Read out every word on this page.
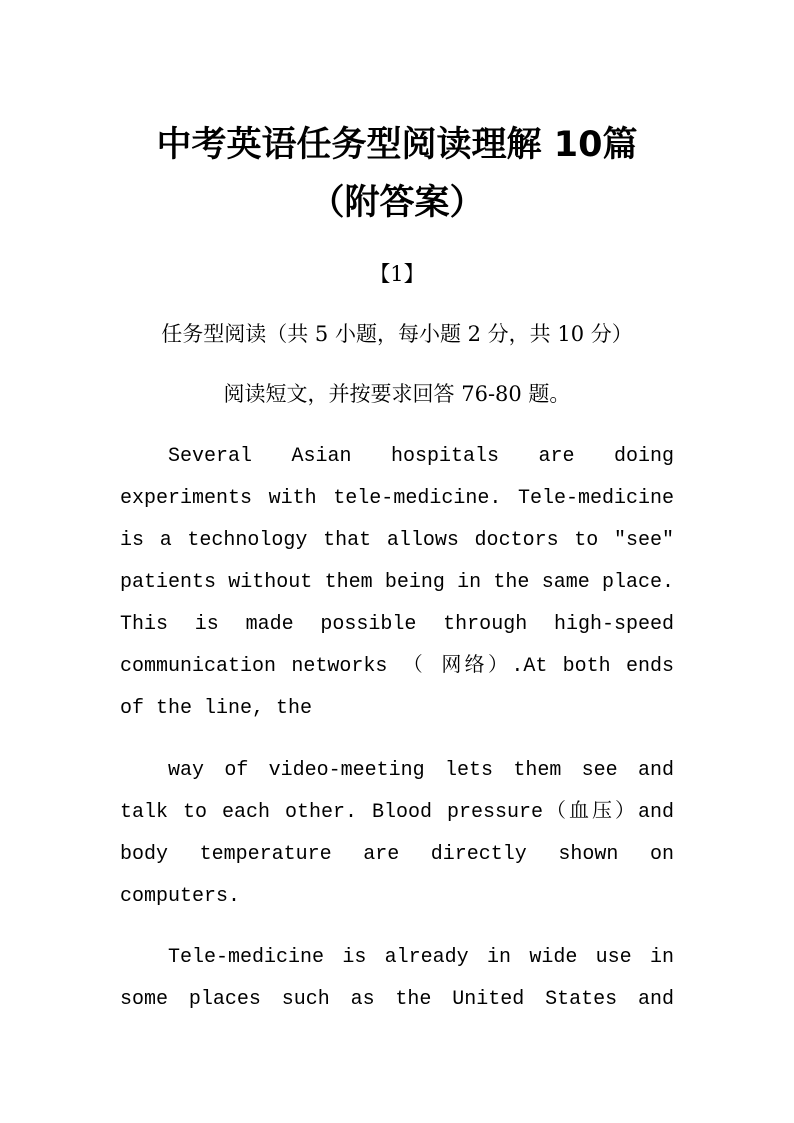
中考英语任务型阅读理解 10篇
（附答案）
【1】
任务型阅读（共 5 小题，每小题 2 分，共 10 分）
阅读短文，并按要求回答 76-80 题。
Several Asian hospitals are doing
experiments with tele-medicine. Tele-medicine
is a technology that allows doctors to "see"
patients without them being in the same place.
This is made possible through high-speed
communication networks （ 网络）.At both ends
of the line, the
way of video-meeting lets them see and
talk to each other. Blood pressure（血压）and
body temperature are directly shown on
computers.
Tele-medicine is already in wide use in
some places such as the United States and
